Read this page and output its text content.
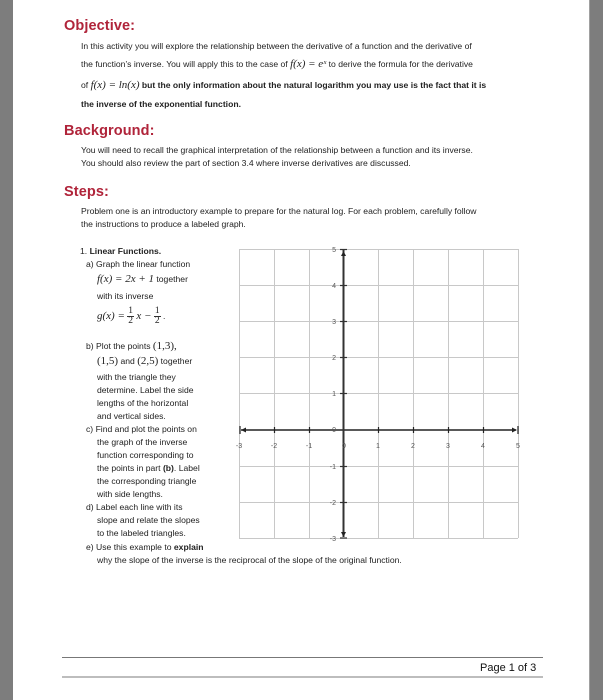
Objective:
In this activity you will explore the relationship between the derivative of a function and the derivative of
the function’s inverse. You will apply this to the case of f(x) = eˣ to derive the formula for the derivative
of f(x) = ln(x) but the only information about the natural logarithm you may use is the fact that it is
the inverse of the exponential function.
Background:
You will need to recall the graphical interpretation of the relationship between a function and its inverse.
You should also review the part of section 3.4 where inverse derivatives are discussed.
Steps:
Problem one is an introductory example to prepare for the natural log. For each problem, carefully follow
the instructions to produce a labeled graph.
1. Linear Functions.
a) Graph the linear function
f(x) = 2x + 1 together
with its inverse
$g(x) = \frac{1}{2}$ $x - \frac{1}{2}$ .
b) Plot the points (1,3),
(1,5) and (2,5) together
with the triangle they
determine. Label the side
lengths of the horizontal
and vertical sides.
c) Find and plot the points on
the graph of the inverse
function corresponding to
the points in part (b). Label
the corresponding triangle
with side lengths.
d) Label each line with its
slope and relate the slopes
to the labeled triangles.
e) Use this example to explain
why the slope of the inverse is the reciprocal of the slope of the original function.
-3	-2	-1	0	1	2	3	4	5
-3
-2
-1
0
1
2
3
4
5
Page 1 of 3
